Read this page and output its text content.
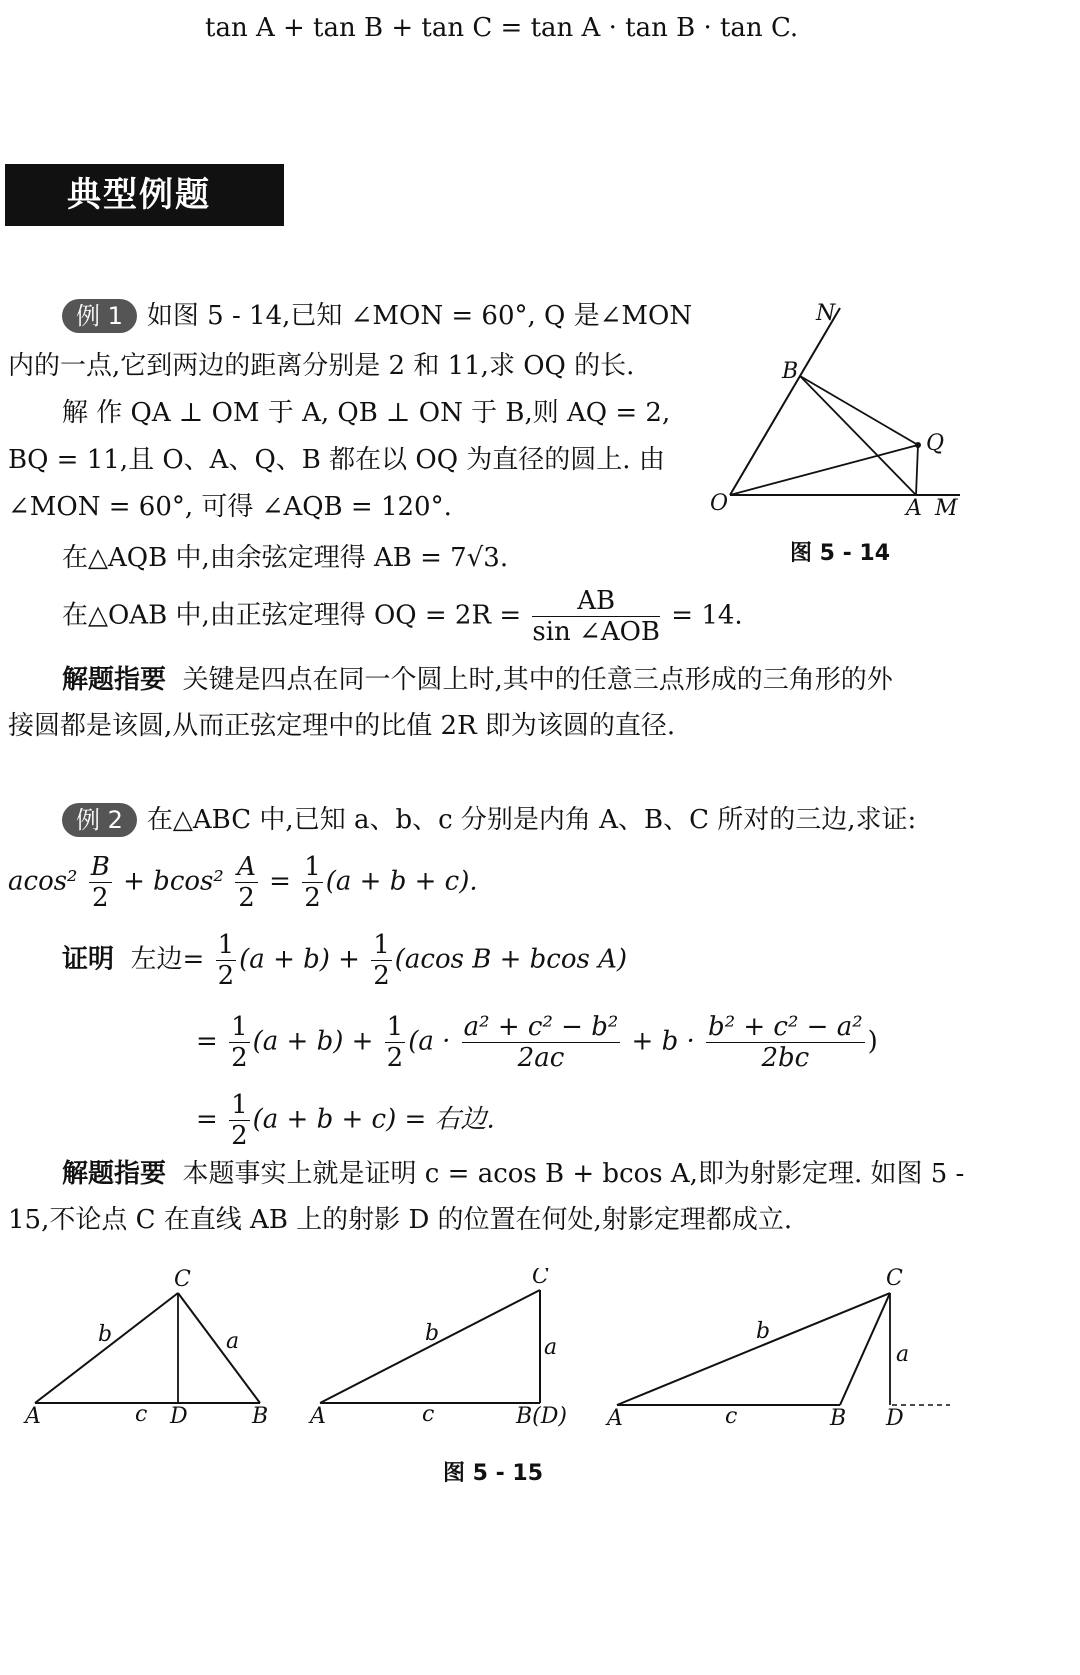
tan A + tan B + tan C = tan A · tan B · tan C.
典型例题
例 1 如图 5 - 14,已知 ∠MON = 60°, Q 是∠MON
内的一点,它到两边的距离分别是 2 和 11,求 OQ 的长.
解 作 QA ⊥ OM 于 A, QB ⊥ ON 于 B,则 AQ = 2,
BQ = 11,且 O、A、Q、B 都在以 OQ 为直径的圆上. 由
∠MON = 60°, 可得 ∠AQB = 120°.
在△AQB 中,由余弦定理得 AB = 7√3.
在△OAB 中,由正弦定理得 OQ = $2R = \frac{AB}{\text{sin ∠AOB}} = 14$.
解题指要 关键是四点在同一个圆上时,其中的任意三点形成的三角形的外
接圆都是该圆,从而正弦定理中的比值 2R 即为该圆的直径.
N
B
Q
O	A M
图 5 - 14
例 2 在△ABC 中,已知 a、b、c 分别是内角 A、B、C 所对的三边,求证:
$acos^2 \frac{B}{2} + bcos^2 \frac{A}{2} = \frac{1}{2} (a + b + c)$.
证明 左边= $\frac{1}{2} (a + b) + \frac{1}{2} (acos$ B + bcos A)
= $\frac{1}{2} (a + b) + \frac{1}{2} (a \cdot \frac{\text{a² + c² − b²}}{2ac} + b \cdot \frac{\text{b² + c² − a²}}{2bc}$ )
= $\frac{1}{2} (a + b + c)$ = 右边.
解题指要 本题事实上就是证明 c = acos B + bcos A,即为射影定理. 如图 5 -
15,不论点 C 在直线 AB 上的射影 D 的位置在何处,射影定理都成立.
C
A	B
D
b	a
c
C
A	B(D)
b
a
c
C
A	B D
b
a
c
图 5 - 15
